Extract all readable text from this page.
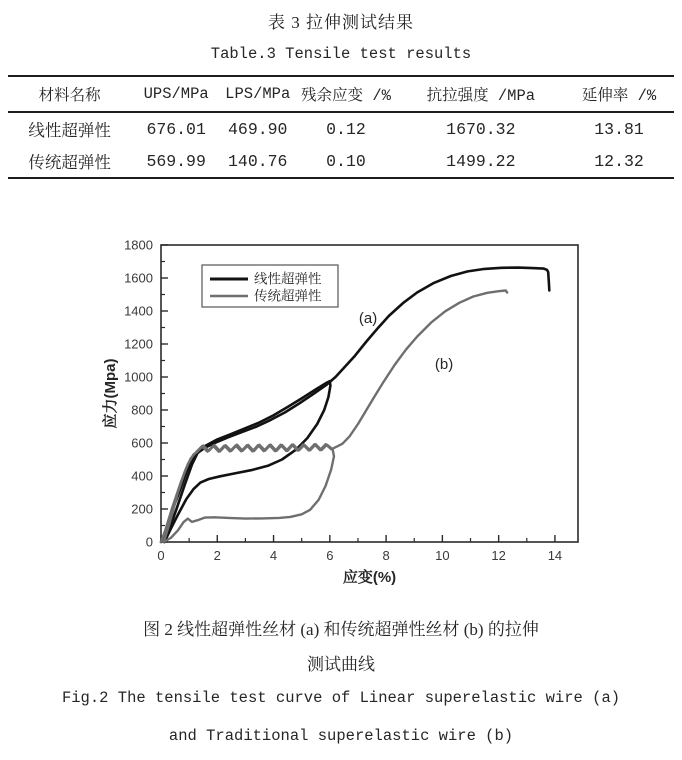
表 3 拉伸测试结果
Table.3 Tensile test results
材料名称	UPS/MPa	LPS/MPa	残余应变 /%	抗拉强度 /MPa	延伸率 /%
线性超弹性	676.01	469.90	0.12	1670.32	13.81
传统超弹性	569.99	140.76	0.10	1499.22	12.32
0
200
400
600
800
1000
1200
1400
1600
1800
0	2	4	6	8	10	12	14
应变(%)
应力(Mpa)
线性超弹性
传统超弹性
(a)
(b)
图 2 线性超弹性丝材 (a) 和传统超弹性丝材 (b) 的拉伸
测试曲线
Fig.2 The tensile test curve of Linear superelastic wire (a)
and Traditional superelastic wire (b)
